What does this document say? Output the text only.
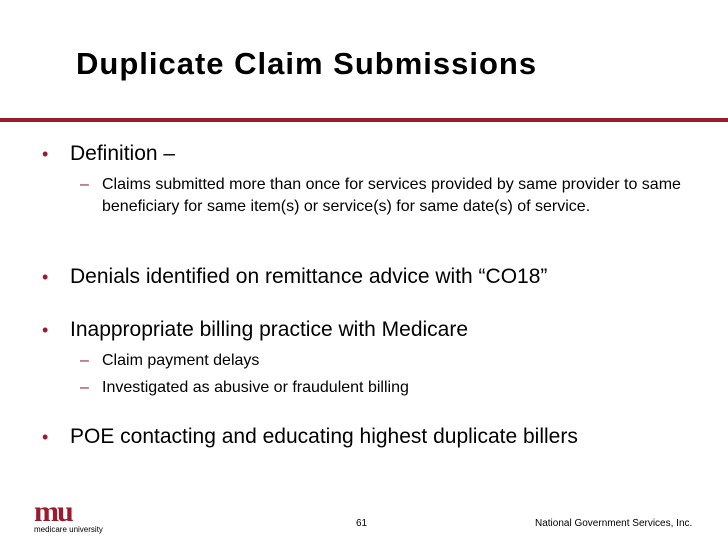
Duplicate Claim Submissions
• Definition –
– Claims submitted more than once for services provided by same provider to same beneficiary for same item(s) or service(s) for same date(s) of service.
• Denials identified on remittance advice with “CO18”
• Inappropriate billing practice with Medicare
– Claim payment delays
– Investigated as abusive or fraudulent billing
• POE contacting and educating highest duplicate billers
mu
medicare university
61	National Government Services, Inc.
